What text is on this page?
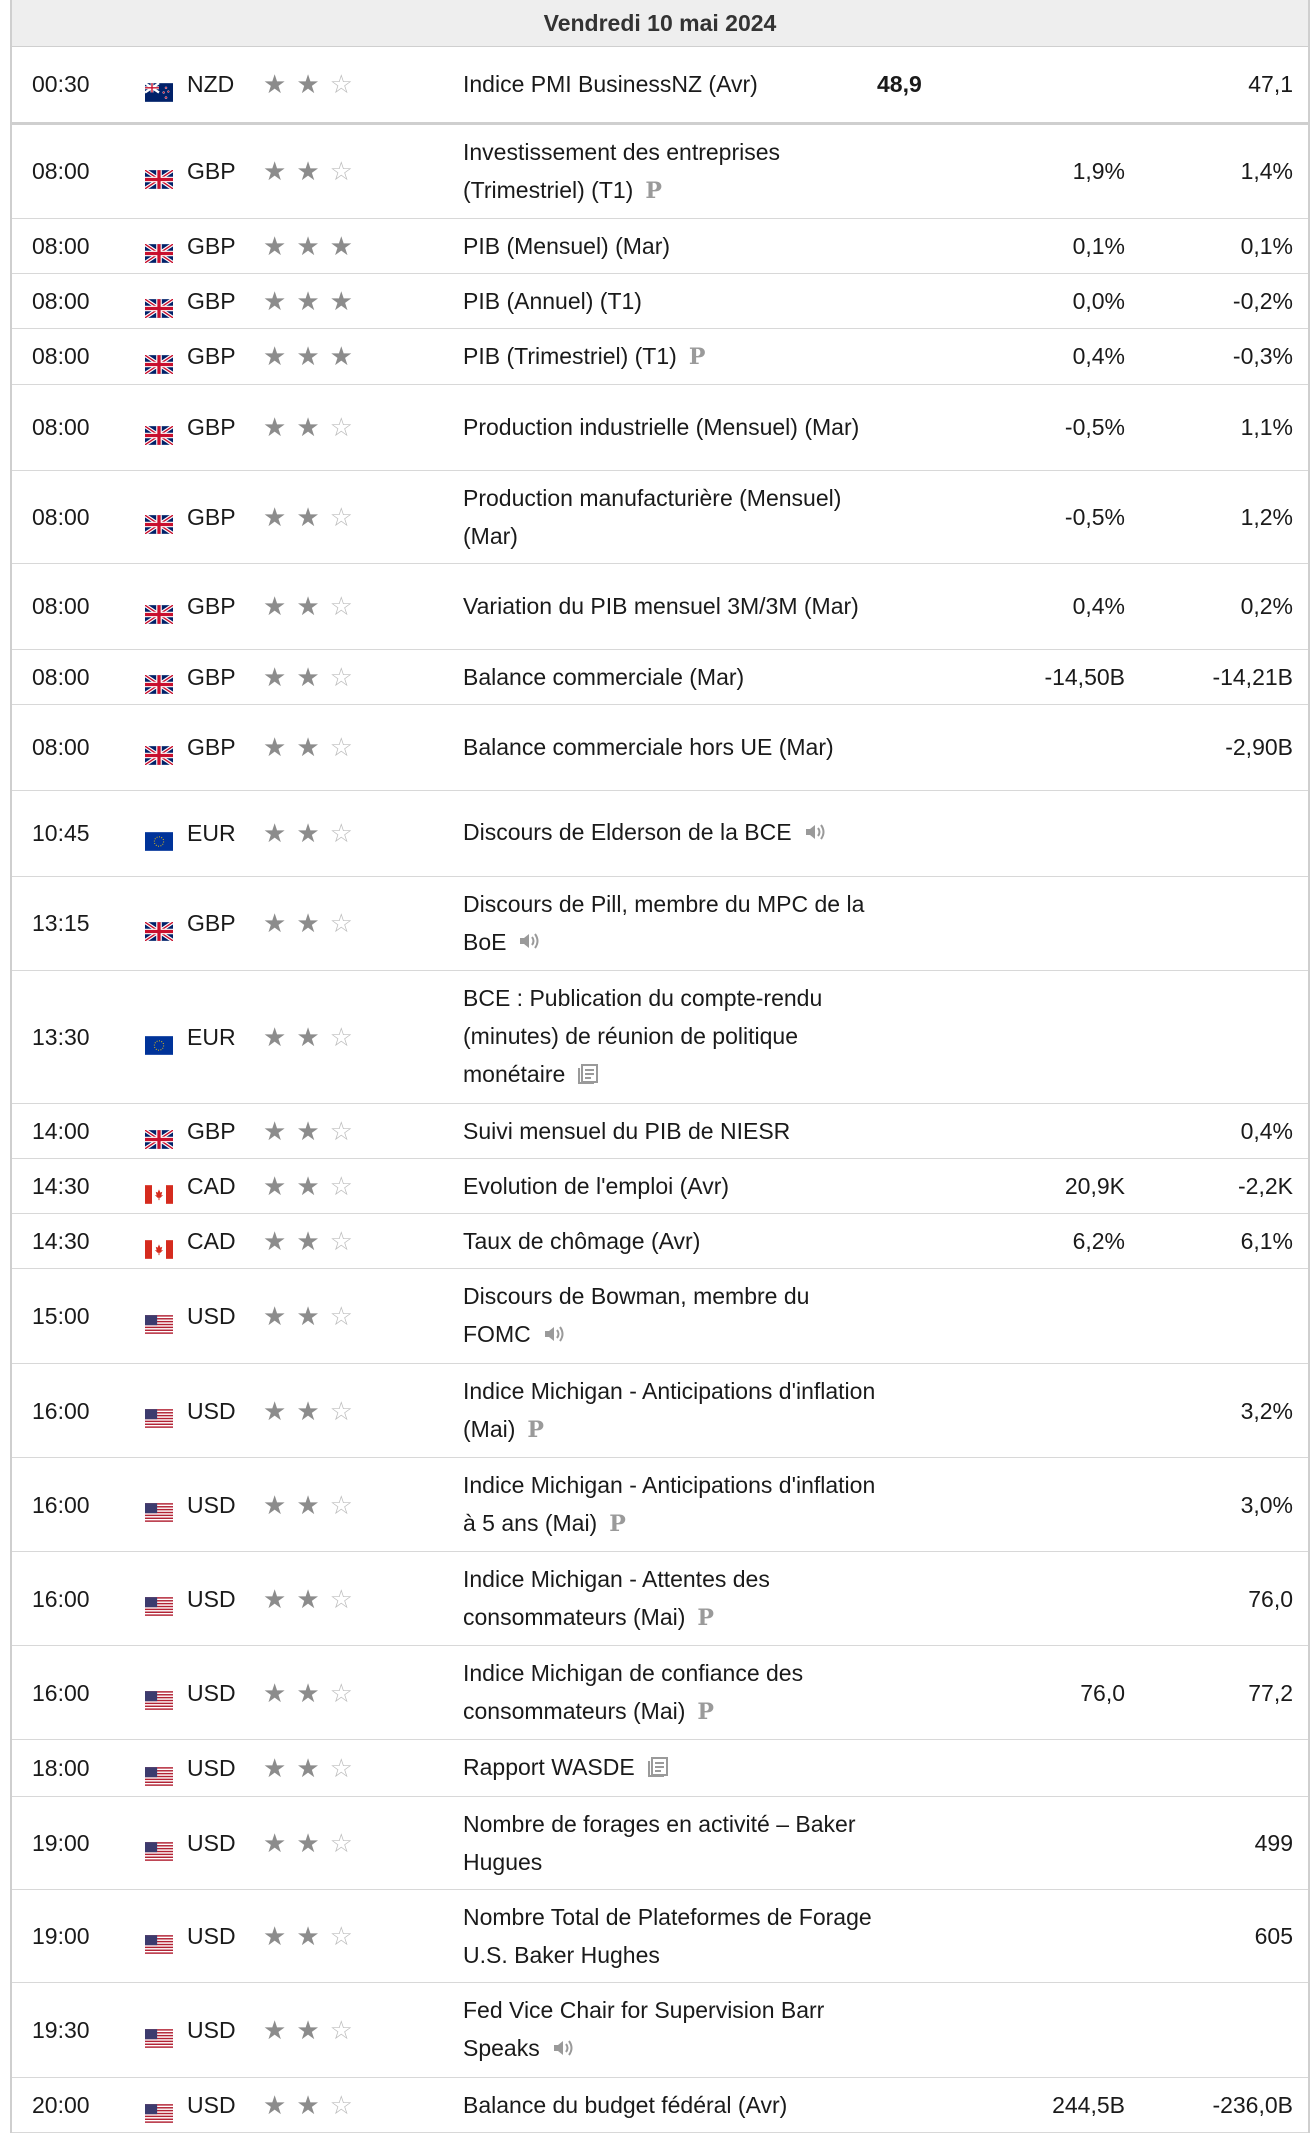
Vendredi 10 mai 2024
00:30	NZD	★ ★ ☆	Indice PMI BusinessNZ (Avr)	48,9		47,1	
08:00	GBP	★ ★ ☆	Investissement des entreprises (Trimestriel) (T1) P		1,9%	1,4%	
08:00	GBP	★ ★ ★	PIB (Mensuel) (Mar)		0,1%	0,1%	
08:00	GBP	★ ★ ★	PIB (Annuel) (T1)		0,0%	-0,2%	
08:00	GBP	★ ★ ★	PIB (Trimestriel) (T1) P		0,4%	-0,3%	
08:00	GBP	★ ★ ☆	Production industrielle (Mensuel) (Mar)		-0,5%	1,1%	
08:00	GBP	★ ★ ☆	Production manufacturière (Mensuel) (Mar)		-0,5%	1,2%	
08:00	GBP	★ ★ ☆	Variation du PIB mensuel 3M/3M (Mar)		0,4%	0,2%	
08:00	GBP	★ ★ ☆	Balance commerciale (Mar)		-14,50B	-14,21B	
08:00	GBP	★ ★ ☆	Balance commerciale hors UE (Mar)			-2,90B	
10:45	EUR	★ ★ ☆	Discours de Elderson de la BCE				
13:15	GBP	★ ★ ☆	Discours de Pill, membre du MPC de la BoE				
13:30	EUR	★ ★ ☆	BCE : Publication du compte-rendu (minutes) de réunion de politique monétaire				
14:00	GBP	★ ★ ☆	Suivi mensuel du PIB de NIESR			0,4%	
14:30	CAD	★ ★ ☆	Evolution de l'emploi (Avr)		20,9K	-2,2K	
14:30	CAD	★ ★ ☆	Taux de chômage (Avr)		6,2%	6,1%	
15:00	USD	★ ★ ☆	Discours de Bowman, membre du FOMC				
16:00	USD	★ ★ ☆	Indice Michigan - Anticipations d'inflation (Mai) P			3,2%	
16:00	USD	★ ★ ☆	Indice Michigan - Anticipations d'inflation à 5 ans (Mai) P			3,0%	
16:00	USD	★ ★ ☆	Indice Michigan - Attentes des consommateurs (Mai) P			76,0	
16:00	USD	★ ★ ☆	Indice Michigan de confiance des consommateurs (Mai) P		76,0	77,2	
18:00	USD	★ ★ ☆	Rapport WASDE				
19:00	USD	★ ★ ☆	Nombre de forages en activité – Baker Hugues			499	
19:00	USD	★ ★ ☆	Nombre Total de Plateformes de Forage U.S. Baker Hughes			605	
19:30	USD	★ ★ ☆	Fed Vice Chair for Supervision Barr Speaks				
20:00	USD	★ ★ ☆	Balance du budget fédéral (Avr)		244,5B	-236,0B	
